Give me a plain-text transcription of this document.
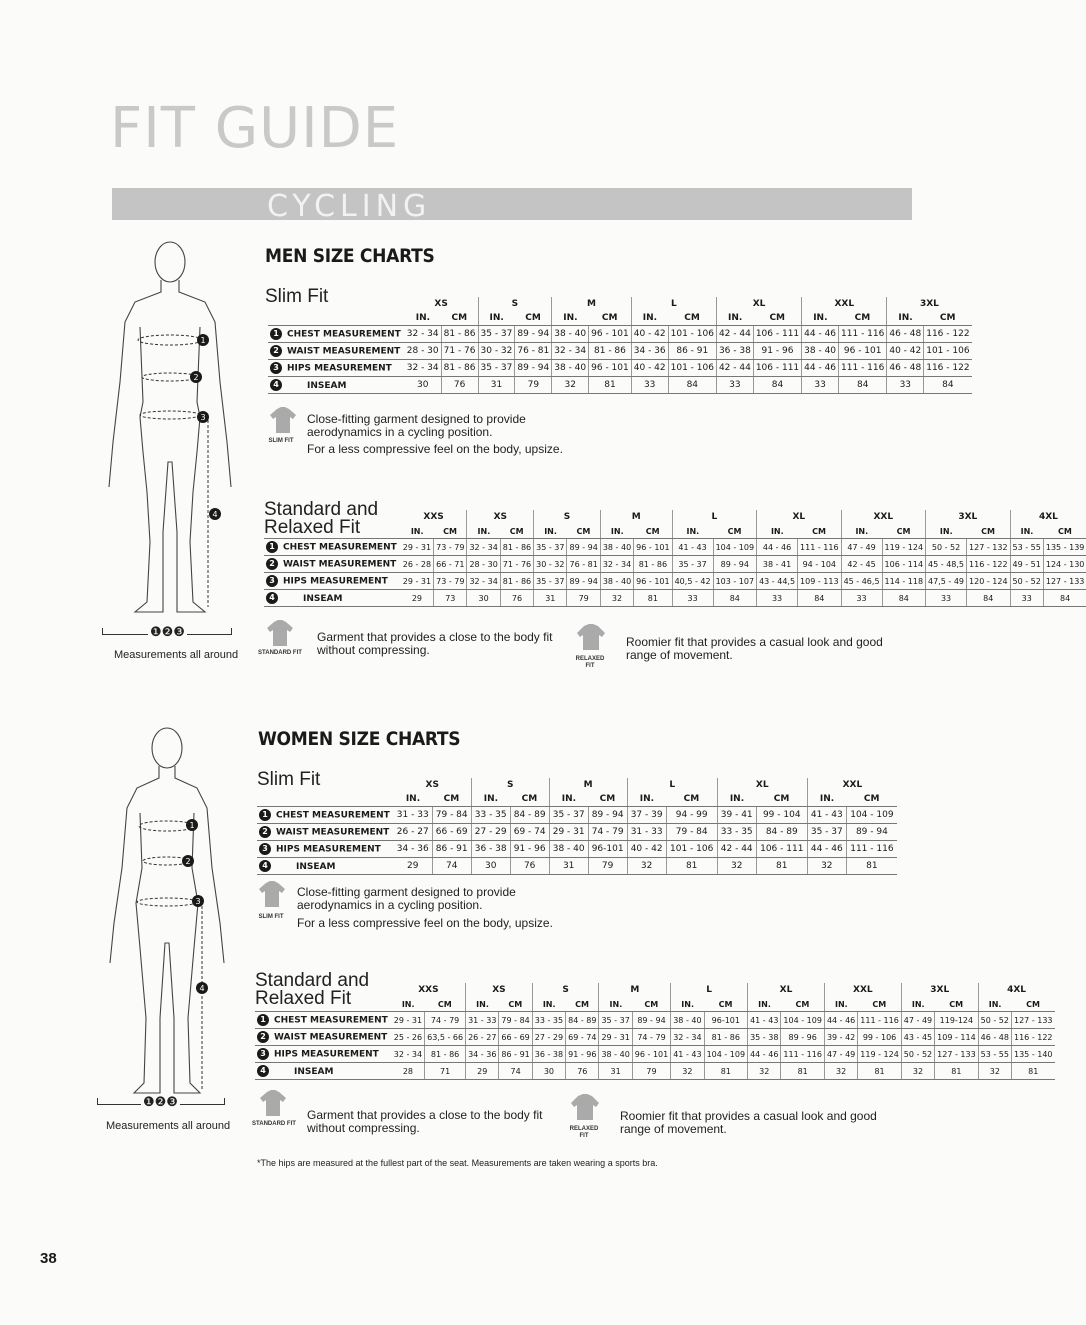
FIT GUIDE
CYCLING
1
2
3
4
❶❷❸
Measurements all around
MEN SIZE CHARTS
Slim Fit
		XS		S		M		L		XL		XXL		3XL	
	IN.	CM	IN.	CM	IN.	CM	IN.	CM	IN.	CM	IN.	CM	IN.	CM
1 CHEST MEASUREMENT	32 - 34	81 - 86	35 - 37	89 - 94	38 - 40	96 - 101	40 - 42	101 - 106	42 - 44	106 - 111	44 - 46	111 - 116	46 - 48	116 - 122
2 WAIST MEASUREMENT	28 - 30	71 - 76	30 - 32	76 - 81	32 - 34	81 - 86	34 - 36	86 - 91	36 - 38	91 - 96	38 - 40	96 - 101	40 - 42	101 - 106
3 HIPS MEASUREMENT	32 - 34	81 - 86	35 - 37	89 - 94	38 - 40	96 - 101	40 - 42	101 - 106	42 - 44	106 - 111	44 - 46	111 - 116	46 - 48	116 - 122
4 INSEAM	30	76	31	79	32	81	33	84	33	84	33	84	33	84
SLIM FIT
Close-fitting garment designed to provide aerodynamics in a cycling position.
For a less compressive feel on the body, upsize.
Standard and Relaxed Fit
		XXS		XS		S		M		L		XL		XXL		3XL		4XL	
	IN.	CM	IN.	CM	IN.	CM	IN.	CM	IN.	CM	IN.	CM	IN.	CM	IN.	CM	IN.	CM
1 CHEST MEASUREMENT	29 - 31	73 - 79	32 - 34	81 - 86	35 - 37	89 - 94	38 - 40	96 - 101	41 - 43	104 - 109	44 - 46	111 - 116	47 - 49	119 - 124	50 - 52	127 - 132	53 - 55	135 - 139
2 WAIST MEASUREMENT	26 - 28	66 - 71	28 - 30	71 - 76	30 - 32	76 - 81	32 - 34	81 - 86	35 - 37	89 - 94	38 - 41	94 - 104	42 - 45	106 - 114	45 - 48,5	116 - 122	49 - 51	124 - 130
3 HIPS MEASUREMENT	29 - 31	73 - 79	32 - 34	81 - 86	35 - 37	89 - 94	38 - 40	96 - 101	40,5 - 42	103 - 107	43 - 44,5	109 - 113	45 - 46,5	114 - 118	47,5 - 49	120 - 124	50 - 52	127 - 133
4 INSEAM	29	73	30	76	31	79	32	81	33	84	33	84	33	84	33	84	33	84
STANDARD FIT
Garment that provides a close to the body fit without compressing.
RELAXED FIT
Roomier fit that provides a casual look and good range of movement.
1
2
3
4
❶❷❸
Measurements all around
WOMEN SIZE CHARTS
Slim Fit
		XS		S		M		L		XL		XXL	
	IN.	CM	IN.	CM	IN.	CM	IN.	CM	IN.	CM	IN.	CM
1 CHEST MEASUREMENT	31 - 33	79 - 84	33 - 35	84 - 89	35 - 37	89 - 94	37 - 39	94 - 99	39 - 41	99 - 104	41 - 43	104 - 109
2 WAIST MEASUREMENT	26 - 27	66 - 69	27 - 29	69 - 74	29 - 31	74 - 79	31 - 33	79 - 84	33 - 35	84 - 89	35 - 37	89 - 94
3 HIPS MEASUREMENT	34 - 36	86 - 91	36 - 38	91 - 96	38 - 40	96-101	40 - 42	101 - 106	42 - 44	106 - 111	44 - 46	111 - 116
4 INSEAM	29	74	30	76	31	79	32	81	32	81	32	81
SLIM FIT
Close-fitting garment designed to provide aerodynamics in a cycling position.
For a less compressive feel on the body, upsize.
Standard and Relaxed Fit
		XXS		XS		S		M		L		XL		XXL		3XL		4XL	
	IN.	CM	IN.	CM	IN.	CM	IN.	CM	IN.	CM	IN.	CM	IN.	CM	IN.	CM	IN.	CM
1 CHEST MEASUREMENT	29 - 31	74 - 79	31 - 33	79 - 84	33 - 35	84 - 89	35 - 37	89 - 94	38 - 40	96-101	41 - 43	104 - 109	44 - 46	111 - 116	47 - 49	119-124	50 - 52	127 - 133
2 WAIST MEASUREMENT	25 - 26	63,5 - 66	26 - 27	66 - 69	27 - 29	69 - 74	29 - 31	74 - 79	32 - 34	81 - 86	35 - 38	89 - 96	39 - 42	99 - 106	43 - 45	109 - 114	46 - 48	116 - 122
3 HIPS MEASUREMENT	32 - 34	81 - 86	34 - 36	86 - 91	36 - 38	91 - 96	38 - 40	96 - 101	41 - 43	104 - 109	44 - 46	111 - 116	47 - 49	119 - 124	50 - 52	127 - 133	53 - 55	135 - 140
4 INSEAM	28	71	29	74	30	76	31	79	32	81	32	81	32	81	32	81	32	81
STANDARD FIT
Garment that provides a close to the body fit without compressing.	RELAXED FIT
Roomier fit that provides a casual look and good range of movement.
*The hips are measured at the fullest part of the seat. Measurements are taken wearing a sports bra.
38
